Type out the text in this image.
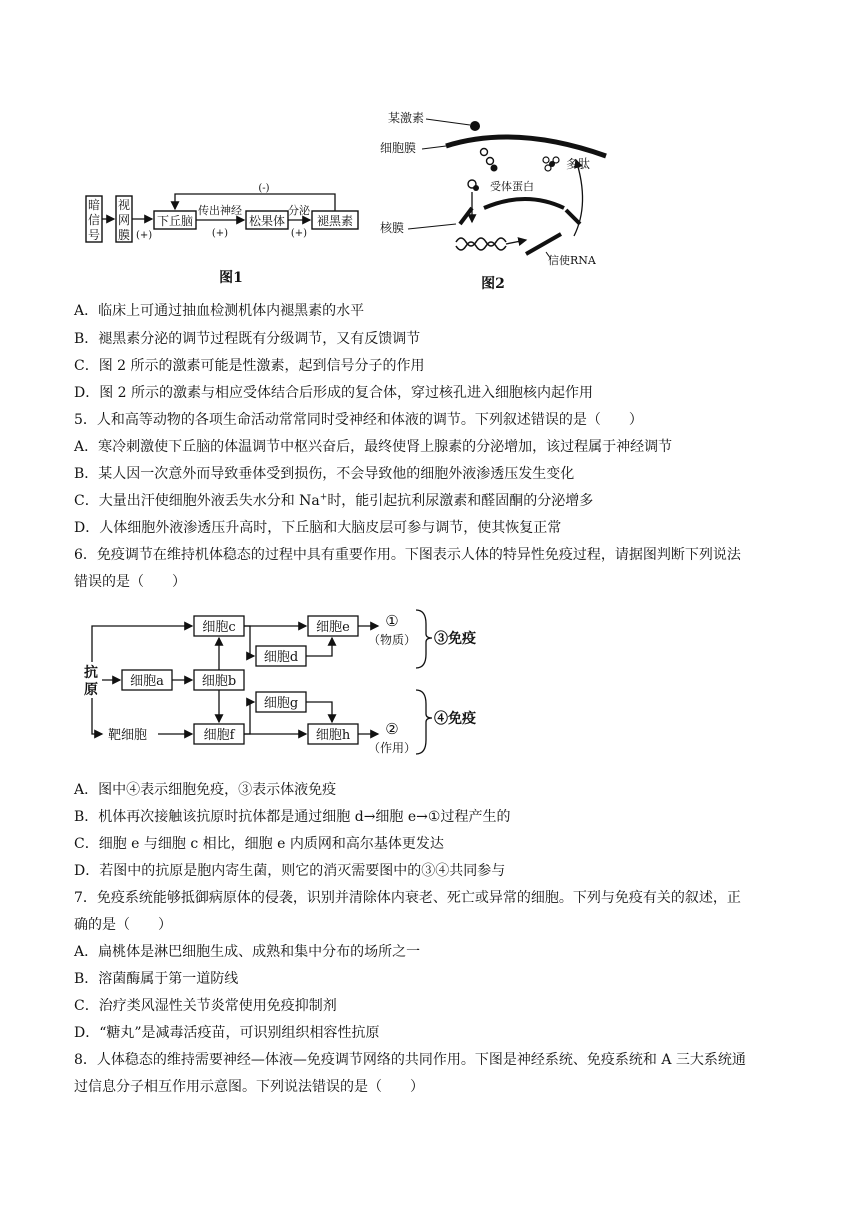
暗
信
号
视
网
膜 (+)
下丘脑
传出神经
(+)
松果体
分泌
(+)
褪黑素
(-)
图1
某激素
细胞膜
受体蛋白
多肽
核膜
信使RNA
图2
A．临床上可通过抽血检测机体内褪黑素的水平
B．褪黑素分泌的调节过程既有分级调节，又有反馈调节
C．图 2 所示的激素可能是性激素，起到信号分子的作用
D．图 2 所示的激素与相应受体结合后形成的复合体，穿过核孔进入细胞核内起作用
5．人和高等动物的各项生命活动常常同时受神经和体液的调节。下列叙述错误的是（　　）
A．寒冷刺激使下丘脑的体温调节中枢兴奋后，最终使肾上腺素的分泌增加，该过程属于神经调节
B．某人因一次意外而导致垂体受到损伤，不会导致他的细胞外液渗透压发生变化
C．大量出汗使细胞外液丢失水分和 Na+时，能引起抗利尿激素和醛固酮的分泌增多
D．人体细胞外液渗透压升高时，下丘脑和大脑皮层可参与调节，使其恢复正常
6．免疫调节在维持机体稳态的过程中具有重要作用。下图表示人体的特异性免疫过程，请据图判断下列说法
错误的是（　　）
抗
原
靶细胞
细胞a	细胞b
细胞c
细胞d
细胞e ①
（物质） ③免疫
细胞f
细胞g
细胞h ②
（作用）
④免疫
A．图中④表示细胞免疫，③表示体液免疫
B．机体再次接触该抗原时抗体都是通过细胞 d→细胞 e→①过程产生的
C．细胞 e 与细胞 c 相比，细胞 e 内质网和高尔基体更发达
D．若图中的抗原是胞内寄生菌，则它的消灭需要图中的③④共同参与
7．免疫系统能够抵御病原体的侵袭，识别并清除体内衰老、死亡或异常的细胞。下列与免疫有关的叙述，正
确的是（　　）
A．扁桃体是淋巴细胞生成、成熟和集中分布的场所之一
B．溶菌酶属于第一道防线
C．治疗类风湿性关节炎常使用免疫抑制剂
D．“糖丸”是减毒活疫苗，可识别组织相容性抗原
8．人体稳态的维持需要神经—体液—免疫调节网络的共同作用。下图是神经系统、免疫系统和 A 三大系统通
过信息分子相互作用示意图。下列说法错误的是（　　）
